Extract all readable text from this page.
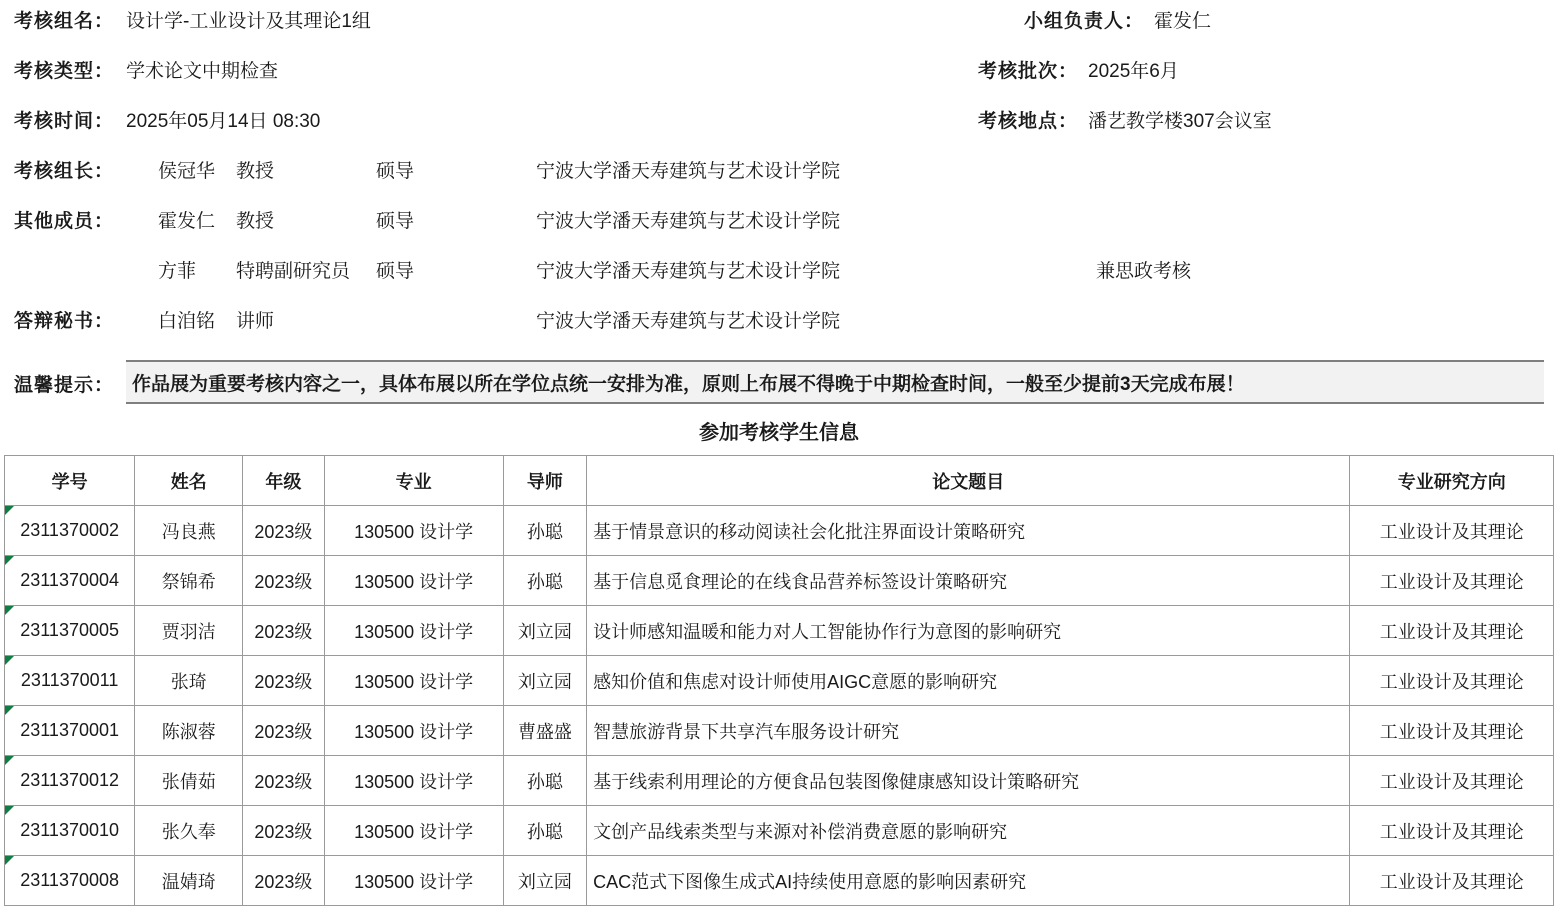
考核组名： 设计学-工业设计及其理论1组	小组负责人： 霍发仁
考核类型： 学术论文中期检查	考核批次： 2025年6月
考核时间： 2025年05月14日 08:30	考核地点： 潘艺教学楼307会议室
考核组长：	侯冠华	教授	硕导	宁波大学潘天寿建筑与艺术设计学院
其他成员：	霍发仁	教授	硕导	宁波大学潘天寿建筑与艺术设计学院
方菲	特聘副研究员	硕导	宁波大学潘天寿建筑与艺术设计学院	兼思政考核
答辩秘书：	白洎铭	讲师	宁波大学潘天寿建筑与艺术设计学院
温馨提示： 作品展为重要考核内容之一，具体布展以所在学位点统一安排为准，原则上布展不得晚于中期检查时间，一般至少提前3天完成布展！
参加考核学生信息
学号	姓名	年级	专业	导师	论文题目	专业研究方向
2311370002	冯良燕	2023级	130500 设计学	孙聪	基于情景意识的移动阅读社会化批注界面设计策略研究	工业设计及其理论
2311370004	祭锦希	2023级	130500 设计学	孙聪	基于信息觅食理论的在线食品营养标签设计策略研究	工业设计及其理论
2311370005	贾羽洁	2023级	130500 设计学	刘立园	设计师感知温暖和能力对人工智能协作行为意图的影响研究	工业设计及其理论
2311370011	张琦	2023级	130500 设计学	刘立园	感知价值和焦虑对设计师使用AIGC意愿的影响研究	工业设计及其理论
2311370001	陈淑蓉	2023级	130500 设计学	曹盛盛	智慧旅游背景下共享汽车服务设计研究	工业设计及其理论
2311370012	张倩茹	2023级	130500 设计学	孙聪	基于线索利用理论的方便食品包装图像健康感知设计策略研究	工业设计及其理论
2311370010	张久奉	2023级	130500 设计学	孙聪	文创产品线索类型与来源对补偿消费意愿的影响研究	工业设计及其理论
2311370008	温婧琦	2023级	130500 设计学	刘立园	CAC范式下图像生成式AI持续使用意愿的影响因素研究	工业设计及其理论
